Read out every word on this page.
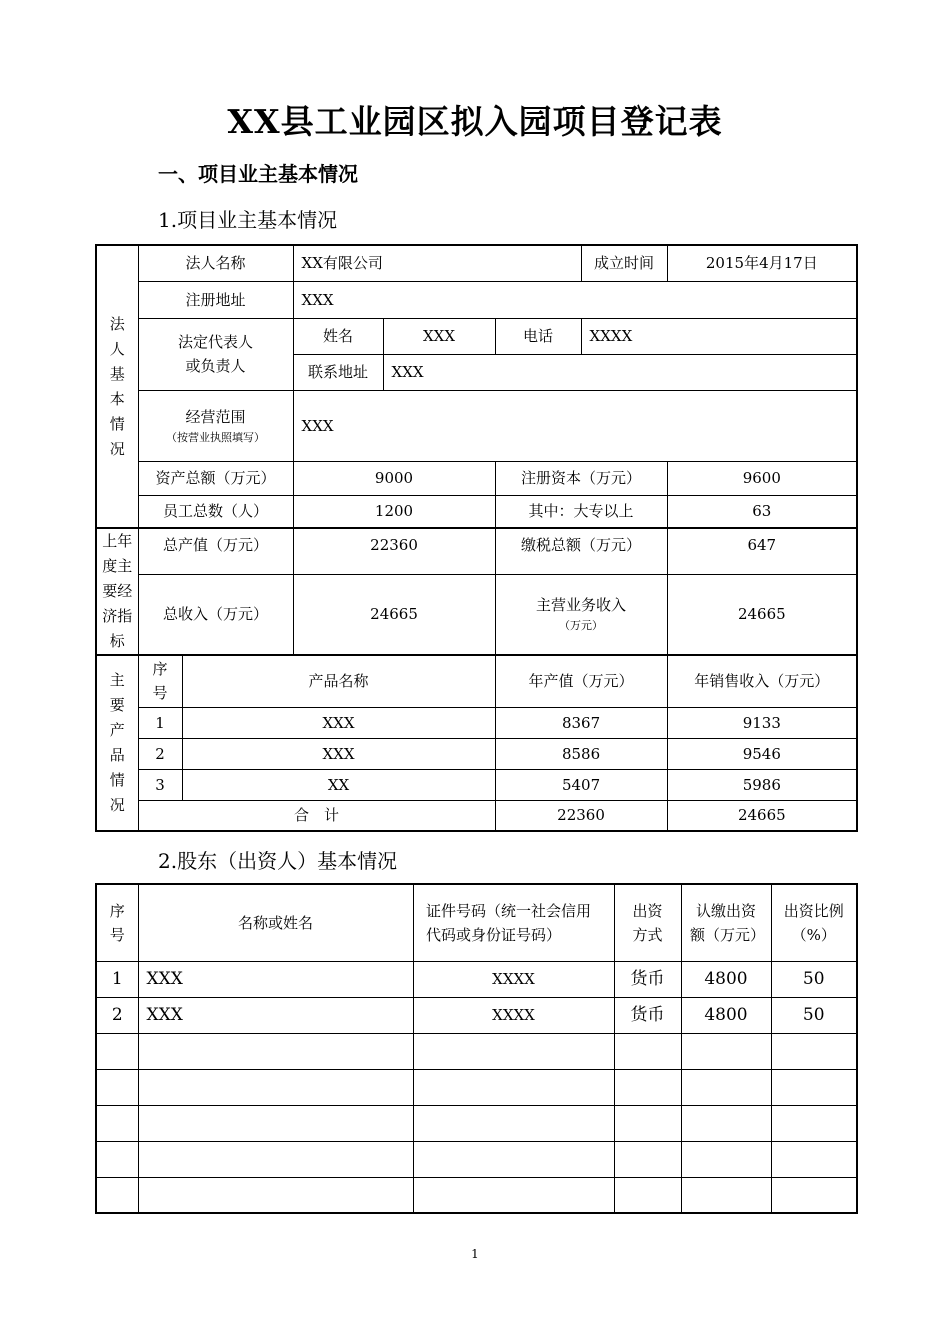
XX县工业园区拟入园项目登记表
一、项目业主基本情况
1.项目业主基本情况
法人基本情况	法人名称		XX有限公司			成立时间	2015年4月17日
	注册地址		XXX				

	法定代表人
或负责人		姓名	XXX	电话	XXXX	
			联系地址	XXX			

	经营范围
（按营业执照填写）		XXX				
	资产总额（万元）		9000		注册资本（万元）		9600
	员工总数（人）		1200		其中：大专以上		63

上年度主要经济指标	总产值（万元）		22360		缴税总额（万元）		647
	总收入（万元）		24665		主营业务收入
（万元）		24665

主要产品情况	序号	产品名称			年产值（万元）		年销售收入（万元）
	1	XXX			8367		9133
	2	XXX			8586		9546
	3	XX			5407		5986
	合　计				22360		24665
2.股东（出资人）基本情况
序号	名称或姓名	证件号码（统一社会信用代码或身份证号码）	出资方式	认缴出资额（万元）	出资比例（%）

1	XXX	XXXX	货币	4800	50
2	XXX	XXXX	货币	4800	50

1
